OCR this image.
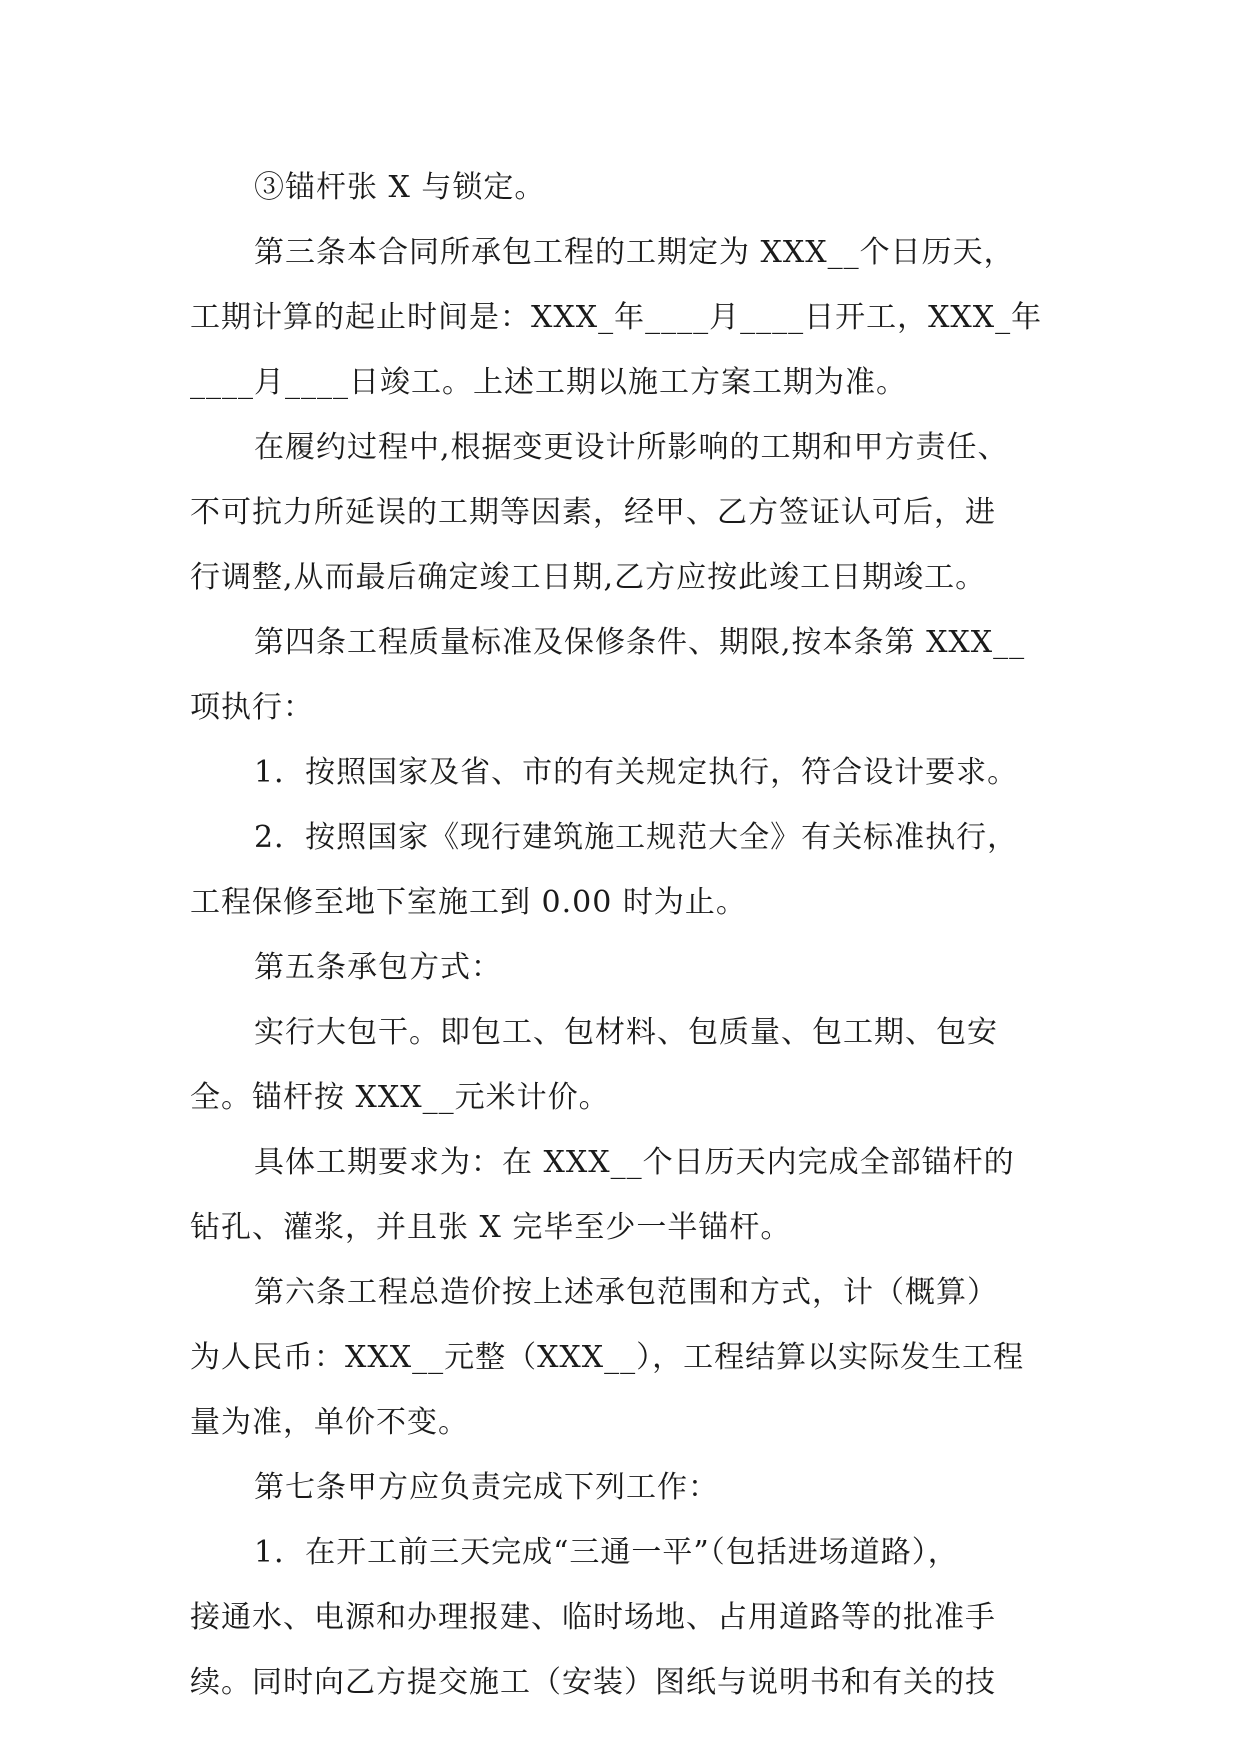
③锚杆张 X 与锁定。
第三条本合同所承包工程的工期定为 XXX__个日历天，
工期计算的起止时间是：XXX_年____月____日开工，XXX_年
____月____日竣工。上述工期以施工方案工期为准。
在履约过程中,根据变更设计所影响的工期和甲方责任、
不可抗力所延误的工期等因素，经甲、乙方签证认可后，进
行调整,从而最后确定竣工日期,乙方应按此竣工日期竣工。
第四条工程质量标准及保修条件、期限,按本条第 XXX__
项执行：
1．按照国家及省、市的有关规定执行，符合设计要求。
2．按照国家《现行建筑施工规范大全》有关标准执行，
工程保修至地下室施工到 0.00 时为止。
第五条承包方式：
实行大包干。即包工、包材料、包质量、包工期、包安
全。锚杆按 XXX__元米计价。
具体工期要求为：在 XXX__个日历天内完成全部锚杆的
钻孔、灌浆，并且张 X 完毕至少一半锚杆。
第六条工程总造价按上述承包范围和方式，计（概算）
为人民币：XXX__元整（XXX__），工程结算以实际发生工程
量为准，单价不变。
第七条甲方应负责完成下列工作：
1．在开工前三天完成“三通一平”（包括进场道路），
接通水、电源和办理报建、临时场地、占用道路等的批准手
续。同时向乙方提交施工（安装）图纸与说明书和有关的技
